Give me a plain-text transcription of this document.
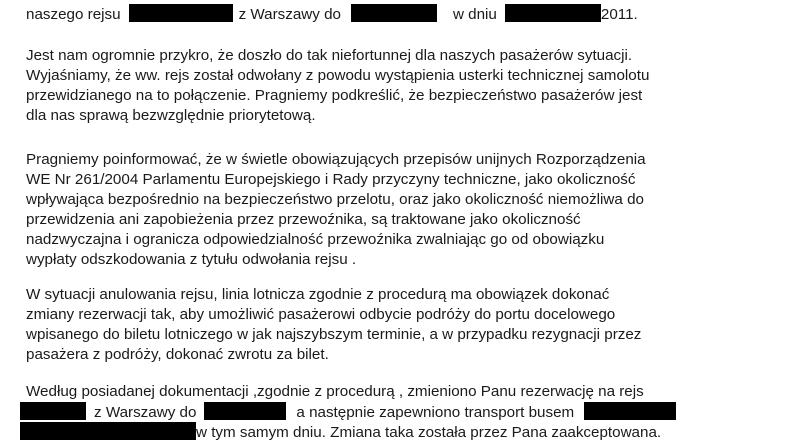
naszego rejsu	z Warszawy do	w dniu	2011.
Jest nam ogromnie przykro, że doszło do tak niefortunnej dla naszych pasażerów sytuacji.
Wyjaśniamy, że ww. rejs został odwołany z powodu wystąpienia usterki technicznej samolotu
przewidzianego na to połączenie. Pragniemy podkreślić, że bezpieczeństwo pasażerów jest
dla nas sprawą bezwzględnie priorytetową.
Pragniemy poinformować, że w świetle obowiązujących przepisów unijnych Rozporządzenia
WE Nr 261/2004 Parlamentu Europejskiego i Rady przyczyny techniczne, jako okoliczność
wpływająca bezpośrednio na bezpieczeństwo przelotu, oraz jako okoliczność niemożliwa do
przewidzenia ani zapobieżenia przez przewoźnika, są traktowane jako okoliczność
nadzwyczajna i ogranicza odpowiedzialność przewoźnika zwalniając go od obowiązku
wypłaty odszkodowania z tytułu odwołania rejsu .
W sytuacji anulowania rejsu, linia lotnicza zgodnie z procedurą ma obowiązek dokonać
zmiany rezerwacji tak, aby umożliwić pasażerowi odbycie podróży do portu docelowego
wpisanego do biletu lotniczego w jak najszybszym terminie, a w przypadku rezygnacji przez
pasażera z podróży, dokonać zwrotu za bilet.
Według posiadanej dokumentacji ,zgodnie z procedurą , zmieniono Panu rezerwację na rejs
z Warszawy do	a następnie zapewniono transport busem
w tym samym dniu. Zmiana taka została przez Pana zaakceptowana.
